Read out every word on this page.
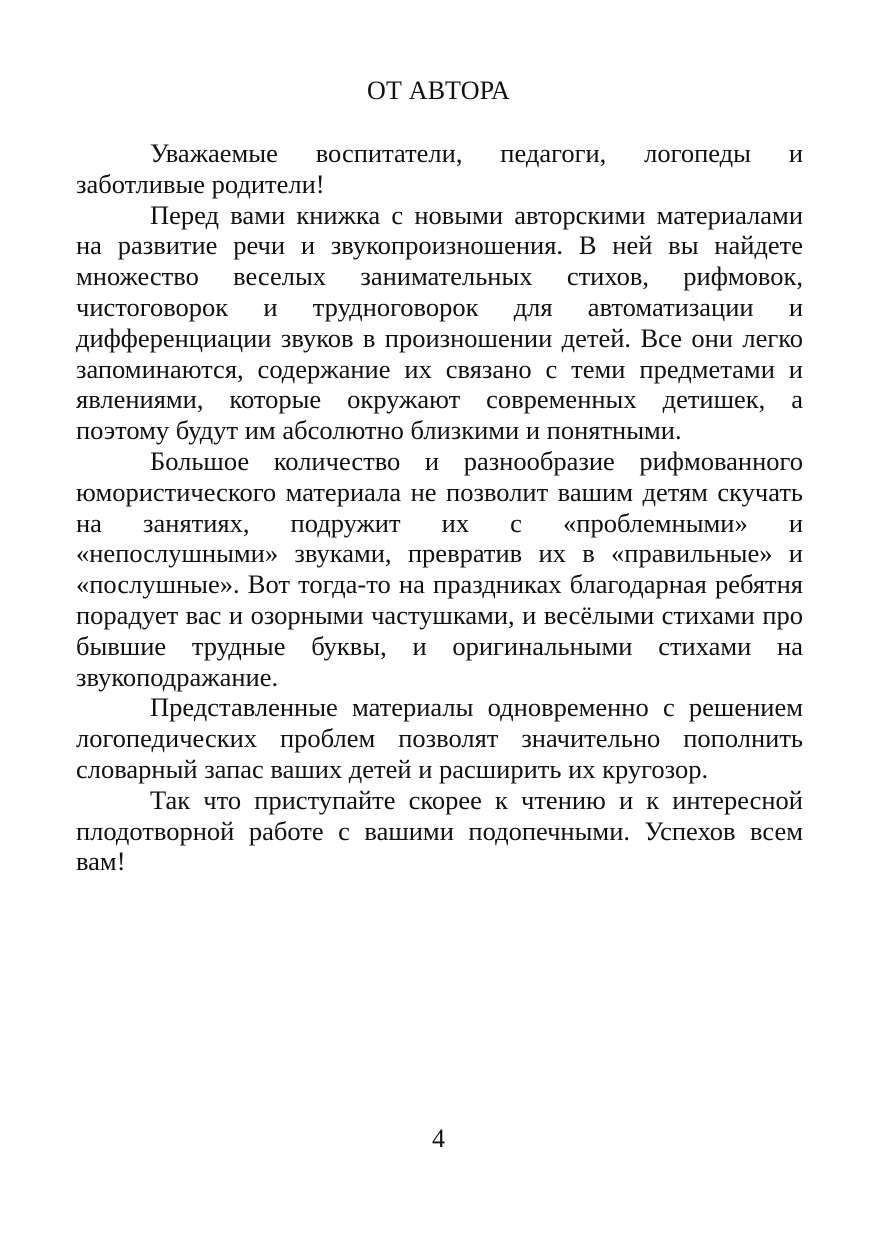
ОТ АВТОРА

Уважаемые воспитатели, педагоги, логопеды и заботливые родители!

Перед вами книжка с новыми авторскими материалами на развитие речи и звукопроизношения. В ней вы найдете множество веселых занимательных стихов, рифмовок, чистоговорок и трудноговорок для автоматизации и дифференциации звуков в произношении детей. Все они легко запоминаются, содержание их связано с теми предметами и явлениями, которые окружают современных детишек, а поэтому будут им абсолютно близкими и понятными.

Большое количество и разнообразие рифмованного юмористического материала не позволит вашим детям скучать на занятиях, подружит их с «проблемными» и «непослушными» звуками, превратив их в «правильные» и «послушные». Вот тогда-то на праздниках благодарная ребятня порадует вас и озорными частушками, и весёлыми стихами про бывшие трудные буквы, и оригинальными стихами на звукоподражание.

Представленные материалы одновременно с решением логопедических проблем позволят значительно пополнить словарный запас ваших детей и расширить их кругозор.

Так что приступайте скорее к чтению и к интересной плодотворной работе с вашими подопечными. Успехов всем вам!

4
